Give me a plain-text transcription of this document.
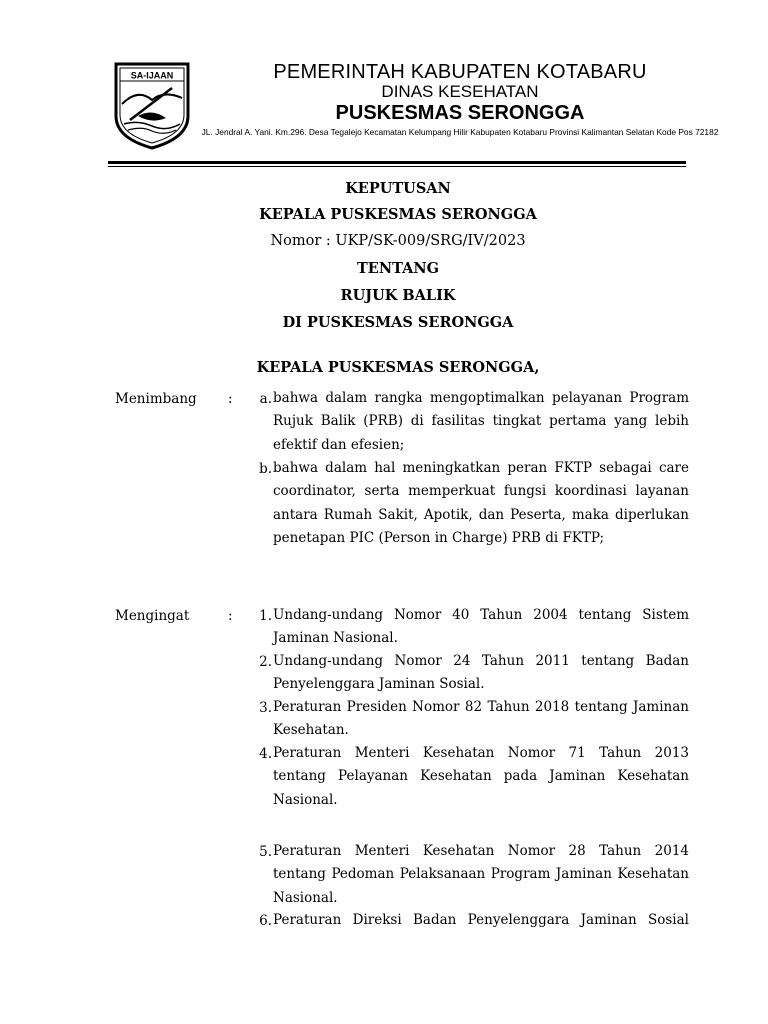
SA-IJAAN	PEMERINTAH KABUPATEN KOTABARU
DINAS KESEHATAN
PUSKESMAS SERONGGA
JL. Jendral A. Yani. Km.296. Desa Tegalejo Kecamatan Kelumpang Hilir Kabupaten Kotabaru Provinsi Kalimantan Selatan Kode Pos 72182
KEPUTUSAN
KEPALA PUSKESMAS SERONGGA
Nomor : UKP/SK-009/SRG/IV/2023
TENTANG
RUJUK BALIK
DI PUSKESMAS SERONGGA
KEPALA PUSKESMAS SERONGGA,
Menimbang :	a. bahwa dalam rangka mengoptimalkan pelayanan Program Rujuk Balik (PRB) di fasilitas tingkat pertama yang lebih efektif dan efesien;
b. bahwa dalam hal meningkatkan peran FKTP sebagai care coordinator, serta memperkuat fungsi koordinasi layanan antara Rumah Sakit, Apotik, dan Peserta, maka diperlukan penetapan PIC (Person in Charge) PRB di FKTP;
Mengingat	:	1. Undang-undang Nomor 40 Tahun 2004 tentang Sistem Jaminan Nasional.
2. Undang-undang Nomor 24 Tahun 2011 tentang Badan Penyelenggara Jaminan Sosial.
3. Peraturan Presiden Nomor 82 Tahun 2018 tentang Jaminan Kesehatan.
4. Peraturan Menteri Kesehatan Nomor 71 Tahun 2013 tentang Pelayanan Kesehatan pada Jaminan Kesehatan Nasional.
5. Peraturan Menteri Kesehatan Nomor 28 Tahun 2014 tentang Pedoman Pelaksanaan Program Jaminan Kesehatan Nasional.
6. Peraturan Direksi Badan Penyelenggara Jaminan Sosial
